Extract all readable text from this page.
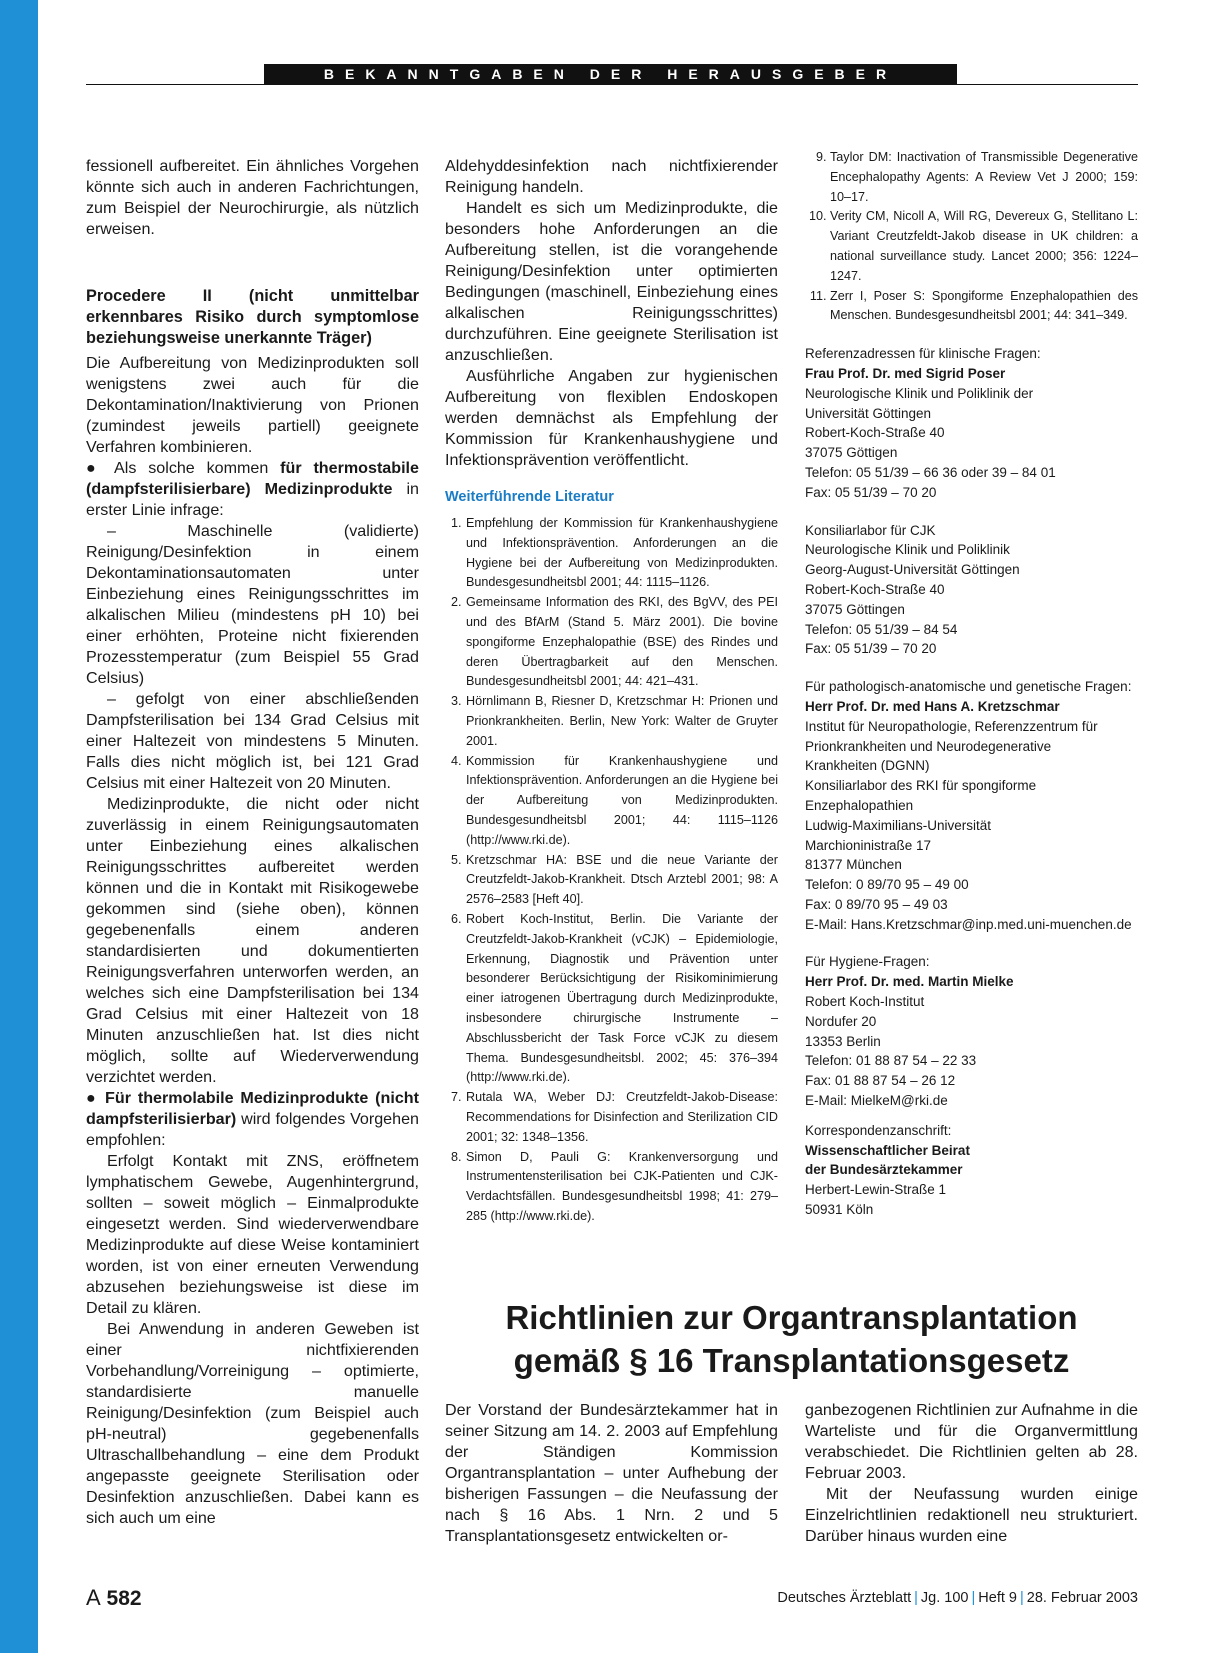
BEKANNTGABEN DER HERAUSGEBER

fessionell aufbereitet. Ein ähnliches Vorgehen könnte sich auch in anderen Fachrichtungen, zum Beispiel der Neurochirurgie, als nützlich erweisen.

Procedere II (nicht unmittelbar erkennbares Risiko durch symptomlose beziehungsweise unerkannte Träger)

Die Aufbereitung von Medizinprodukten soll wenigstens zwei auch für die Dekontamination/Inaktivierung von Prionen (zumindest jeweils partiell) geeignete Verfahren kombinieren.

● Als solche kommen für thermostabile (dampfsterilisierbare) Medizinprodukte in erster Linie infrage:

– Maschinelle (validierte) Reinigung/Desinfektion in einem Dekontaminationsautomaten unter Einbeziehung eines Reinigungsschrittes im alkalischen Milieu (mindestens pH 10) bei einer erhöhten, Proteine nicht fixierenden Prozesstemperatur (zum Beispiel 55 Grad Celsius)

– gefolgt von einer abschließenden Dampfsterilisation bei 134 Grad Celsius mit einer Haltezeit von mindestens 5 Minuten. Falls dies nicht möglich ist, bei 121 Grad Celsius mit einer Haltezeit von 20 Minuten.

Medizinprodukte, die nicht oder nicht zuverlässig in einem Reinigungsautomaten unter Einbeziehung eines alkalischen Reinigungsschrittes aufbereitet werden können und die in Kontakt mit Risikogewebe gekommen sind (siehe oben), können gegebenenfalls einem anderen standardisierten und dokumentierten Reinigungsverfahren unterworfen werden, an welches sich eine Dampfsterilisation bei 134 Grad Celsius mit einer Haltezeit von 18 Minuten anzuschließen hat. Ist dies nicht möglich, sollte auf Wiederverwendung verzichtet werden.

● Für thermolabile Medizinprodukte (nicht dampfsterilisierbar) wird folgendes Vorgehen empfohlen:

Erfolgt Kontakt mit ZNS, eröffnetem lymphatischem Gewebe, Augenhintergrund, sollten – soweit möglich – Einmalprodukte eingesetzt werden. Sind wiederverwendbare Medizinprodukte auf diese Weise kontaminiert worden, ist von einer erneuten Verwendung abzusehen beziehungsweise ist diese im Detail zu klären.

Bei Anwendung in anderen Geweben ist einer nichtfixierenden Vorbehandlung/Vorreinigung – optimierte, standardisierte manuelle Reinigung/Desinfektion (zum Beispiel auch pH-neutral) gegebenenfalls Ultraschallbehandlung – eine dem Produkt angepasste geeignete Sterilisation oder Desinfektion anzuschließen. Dabei kann es sich auch um eine

Aldehyddesinfektion nach nichtfixierender Reinigung handeln.

Handelt es sich um Medizinprodukte, die besonders hohe Anforderungen an die Aufbereitung stellen, ist die vorangehende Reinigung/Desinfektion unter optimierten Bedingungen (maschinell, Einbeziehung eines alkalischen Reinigungsschrittes) durchzuführen. Eine geeignete Sterilisation ist anzuschließen.

Ausführliche Angaben zur hygienischen Aufbereitung von flexiblen Endoskopen werden demnächst als Empfehlung der Kommission für Krankenhaushygiene und Infektionsprävention veröffentlicht.

Weiterführende Literatur

1. Empfehlung der Kommission für Krankenhaushygiene und Infektionsprävention. Anforderungen an die Hygiene bei der Aufbereitung von Medizinprodukten. Bundesgesundheitsbl 2001; 44: 1115–1126.
2. Gemeinsame Information des RKI, des BgVV, des PEI und des BfArM (Stand 5. März 2001). Die bovine spongiforme Enzephalopathie (BSE) des Rindes und deren Übertragbarkeit auf den Menschen. Bundesgesundheitsbl 2001; 44: 421–431.
3. Hörnlimann B, Riesner D, Kretzschmar H: Prionen und Prionkrankheiten. Berlin, New York: Walter de Gruyter 2001.
4. Kommission für Krankenhaushygiene und Infektionsprävention. Anforderungen an die Hygiene bei der Aufbereitung von Medizinprodukten. Bundesgesundheitsbl 2001; 44: 1115–1126 (http://www.rki.de).
5. Kretzschmar HA: BSE und die neue Variante der Creutzfeldt-Jakob-Krankheit. Dtsch Arztebl 2001; 98: A 2576–2583 [Heft 40].
6. Robert Koch-Institut, Berlin. Die Variante der Creutzfeldt-Jakob-Krankheit (vCJK) – Epidemiologie, Erkennung, Diagnostik und Prävention unter besonderer Berücksichtigung der Risikominimierung einer iatrogenen Übertragung durch Medizinprodukte, insbesondere chirurgische Instrumente – Abschlussbericht der Task Force vCJK zu diesem Thema. Bundesgesundheitsbl. 2002; 45: 376–394 (http://www.rki.de).
7. Rutala WA, Weber DJ: Creutzfeldt-Jakob-Disease: Recommendations for Disinfection and Sterilization CID 2001; 32: 1348–1356.
8. Simon D, Pauli G: Krankenversorgung und Instrumentensterilisation bei CJK-Patienten und CJK-Verdachtsfällen. Bundesgesundheitsbl 1998; 41: 279–285 (http://www.rki.de).
9. Taylor DM: Inactivation of Transmissible Degenerative Encephalopathy Agents: A Review Vet J 2000; 159: 10–17.
10. Verity CM, Nicoll A, Will RG, Devereux G, Stellitano L: Variant Creutzfeldt-Jakob disease in UK children: a national surveillance study. Lancet 2000; 356: 1224–1247.
11. Zerr I, Poser S: Spongiforme Enzephalopathien des Menschen. Bundesgesundheitsbl 2001; 44: 341–349.
Referenzadressen für klinische Fragen:
Frau Prof. Dr. med Sigrid Poser
Neurologische Klinik und Poliklinik der
Universität Göttingen
Robert-Koch-Straße 40
37075 Göttigen
Telefon: 05 51/39 – 66 36 oder 39 – 84 01
Fax: 05 51/39 – 70 20
Konsiliarlabor für CJK
Neurologische Klinik und Poliklinik
Georg-August-Universität Göttingen
Robert-Koch-Straße 40
37075 Göttingen
Telefon: 05 51/39 – 84 54
Fax: 05 51/39 – 70 20
Für pathologisch-anatomische und genetische Fragen:
Herr Prof. Dr. med Hans A. Kretzschmar
Institut für Neuropathologie, Referenzzentrum für
Prionkrankheiten und Neurodegenerative
Krankheiten (DGNN)
Konsiliarlabor des RKI für spongiforme
Enzephalopathien
Ludwig-Maximilians-Universität
Marchioninistraße 17
81377 München
Telefon: 0 89/70 95 – 49 00
Fax: 0 89/70 95 – 49 03
E-Mail: Hans.Kretzschmar@inp.med.uni-muenchen.de
Für Hygiene-Fragen:
Herr Prof. Dr. med. Martin Mielke
Robert Koch-Institut
Nordufer 20
13353 Berlin
Telefon: 01 88 87 54 – 22 33
Fax: 01 88 87 54 – 26 12
E-Mail: MielkeM@rki.de
Korrespondenzanschrift:
Wissenschaftlicher Beirat
der Bundesärztekammer
Herbert-Lewin-Straße 1
50931 Köln
Richtlinien zur Organtransplantation
gemäß § 16 Transplantationsgesetz

Der Vorstand der Bundesärztekammer hat in seiner Sitzung am 14. 2. 2003 auf Empfehlung der Ständigen Kommission Organtransplantation – unter Aufhebung der bisherigen Fassungen – die Neufassung der nach § 16 Abs. 1 Nrn. 2 und 5 Transplantationsgesetz entwickelten or-

ganbezogenen Richtlinien zur Aufnahme in die Warteliste und für die Organvermittlung verabschiedet. Die Richtlinien gelten ab 28. Februar 2003.

Mit der Neufassung wurden einige Einzelrichtlinien redaktionell neu strukturiert. Darüber hinaus wurden eine

A 582	Deutsches Ärzteblatt | Jg. 100 | Heft 9 | 28. Februar 2003
